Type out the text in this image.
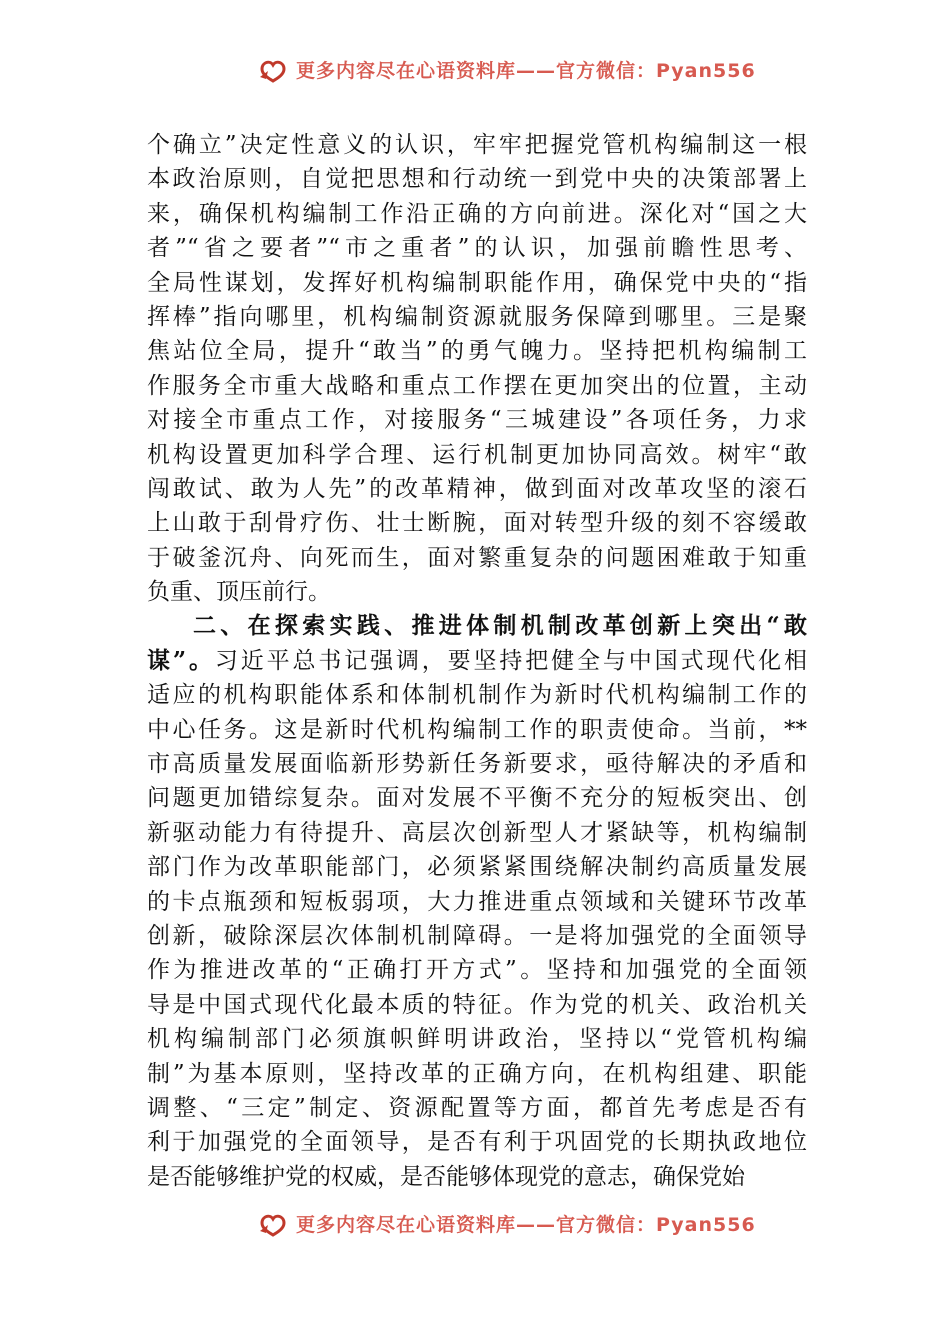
更多内容尽在心语资料库——官方微信：Pyan556
个确立”决定性意义的认识，牢牢把握党管机构编制这一根
本政治原则，自觉把思想和行动统一到党中央的决策部署上
来，确保机构编制工作沿正确的方向前进。深化对“国之大
者”“省之要者”“市之重者”的认识，加强前瞻性思考、
全局性谋划，发挥好机构编制职能作用，确保党中央的“指
挥棒”指向哪里，机构编制资源就服务保障到哪里。三是聚
焦站位全局，提升“敢当”的勇气魄力。坚持把机构编制工
作服务全市重大战略和重点工作摆在更加突出的位置，主动
对接全市重点工作，对接服务“三城建设”各项任务，力求
机构设置更加科学合理、运行机制更加协同高效。树牢“敢
闯敢试、敢为人先”的改革精神，做到面对改革攻坚的滚石
上山敢于刮骨疗伤、壮士断腕，面对转型升级的刻不容缓敢
于破釜沉舟、向死而生，面对繁重复杂的问题困难敢于知重
负重、顶压前行。
二、在探索实践、推进体制机制改革创新上突出“敢
谋”。习近平总书记强调，要坚持把健全与中国式现代化相
适应的机构职能体系和体制机制作为新时代机构编制工作的
中心任务。这是新时代机构编制工作的职责使命。当前，**
市高质量发展面临新形势新任务新要求，亟待解决的矛盾和
问题更加错综复杂。面对发展不平衡不充分的短板突出、创
新驱动能力有待提升、高层次创新型人才紧缺等，机构编制
部门作为改革职能部门，必须紧紧围绕解决制约高质量发展
的卡点瓶颈和短板弱项，大力推进重点领域和关键环节改革
创新，破除深层次体制机制障碍。一是将加强党的全面领导
作为推进改革的“正确打开方式”。坚持和加强党的全面领
导是中国式现代化最本质的特征。作为党的机关、政治机关
机构编制部门必须旗帜鲜明讲政治，坚持以“党管机构编
制”为基本原则，坚持改革的正确方向，在机构组建、职能
调整、“三定”制定、资源配置等方面，都首先考虑是否有
利于加强党的全面领导，是否有利于巩固党的长期执政地位
是否能够维护党的权威，是否能够体现党的意志，确保党始
更多内容尽在心语资料库——官方微信：Pyan556
